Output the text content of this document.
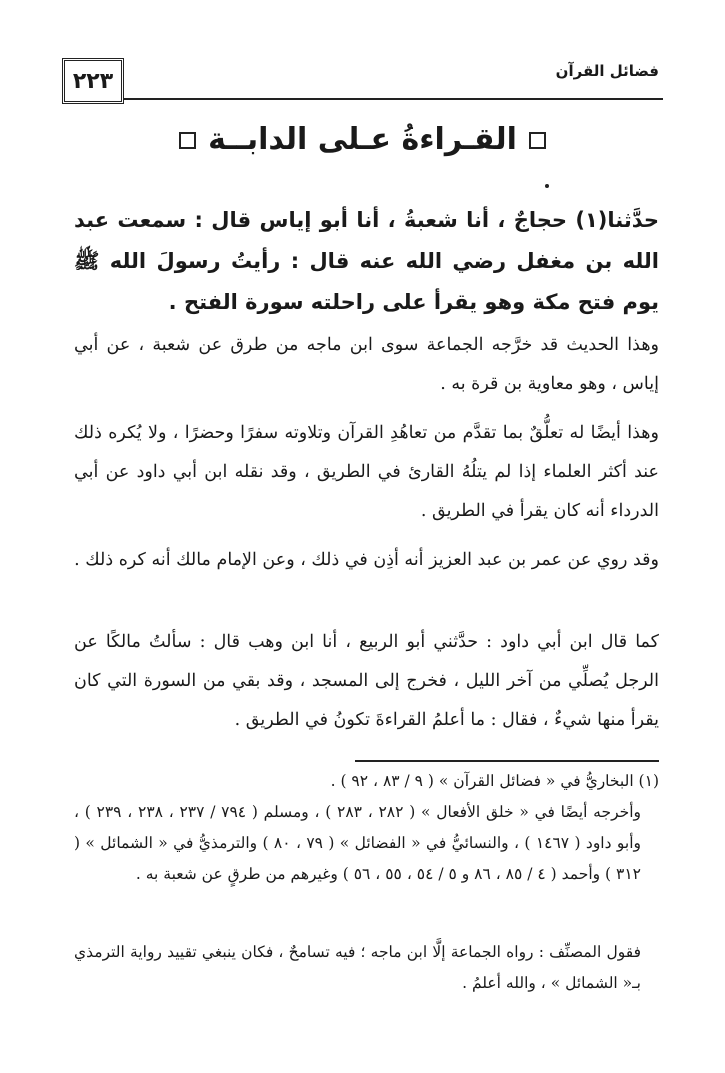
٢٢٣	فضائل القرآن
القـراءةُ عـلى الدابــة
حدَّثنا(١) حجاجٌ ، أنا شعبةُ ، أنا أبو إياس قال : سمعت عبد الله بن مغفل رضي الله عنه قال : رأيتُ رسولَ الله ﷺ يوم فتح مكة وهو يقرأ على راحلته سورة الفتح .
وهذا الحديث قد خرَّجه الجماعة سوى ابن ماجه من طرق عن شعبة ، عن أبي إياس ، وهو معاوية بن قرة به .
وهذا أيضًا له تعلُّقٌ بما تقدَّم من تعاهُدِ القرآن وتلاوته سفرًا وحضرًا ، ولا يُكره ذلك عند أكثر العلماء إذا لم يتلُهُ القارئ في الطريق ، وقد نقله ابن أبي داود عن أبي الدرداء أنه كان يقرأ في الطريق .
وقد روي عن عمر بن عبد العزيز أنه أذِن في ذلك ، وعن الإمام مالك أنه كره ذلك .
كما قال ابن أبي داود : حدَّثني أبو الربيع ، أنا ابن وهب قال : سألتُ مالكًا عن الرجل يُصلِّي من آخر الليل ، فخرج إلى المسجد ، وقد بقي من السورة التي كان يقرأ منها شيءٌ ، فقال : ما أعلمُ القراءةَ تكونُ في الطريق .
(١) البخاريُّ في « فضائل القرآن » ( ٩ / ٨٣ ، ٩٢ ) .
وأخرجه أيضًا في « خلق الأفعال » ( ٢٨٢ ، ٢٨٣ ) ، ومسلم ( ٧٩٤ / ٢٣٧ ، ٢٣٨ ، ٢٣٩ ) ، وأبو داود ( ١٤٦٧ ) ، والنسائيُّ في « الفضائل » ( ٧٩ ، ٨٠ ) والترمذيُّ في « الشمائل » ( ٣١٢ ) وأحمد ( ٤ / ٨٥ ، ٨٦ و ٥ / ٥٤ ، ٥٥ ، ٥٦ ) وغيرهم من طرقٍ عن شعبة به .
فقول المصنِّف : رواه الجماعة إلَّا ابن ماجه ؛ فيه تسامحٌ ، فكان ينبغي تقييد رواية الترمذي بـ« الشمائل » ، والله أعلمُ .
